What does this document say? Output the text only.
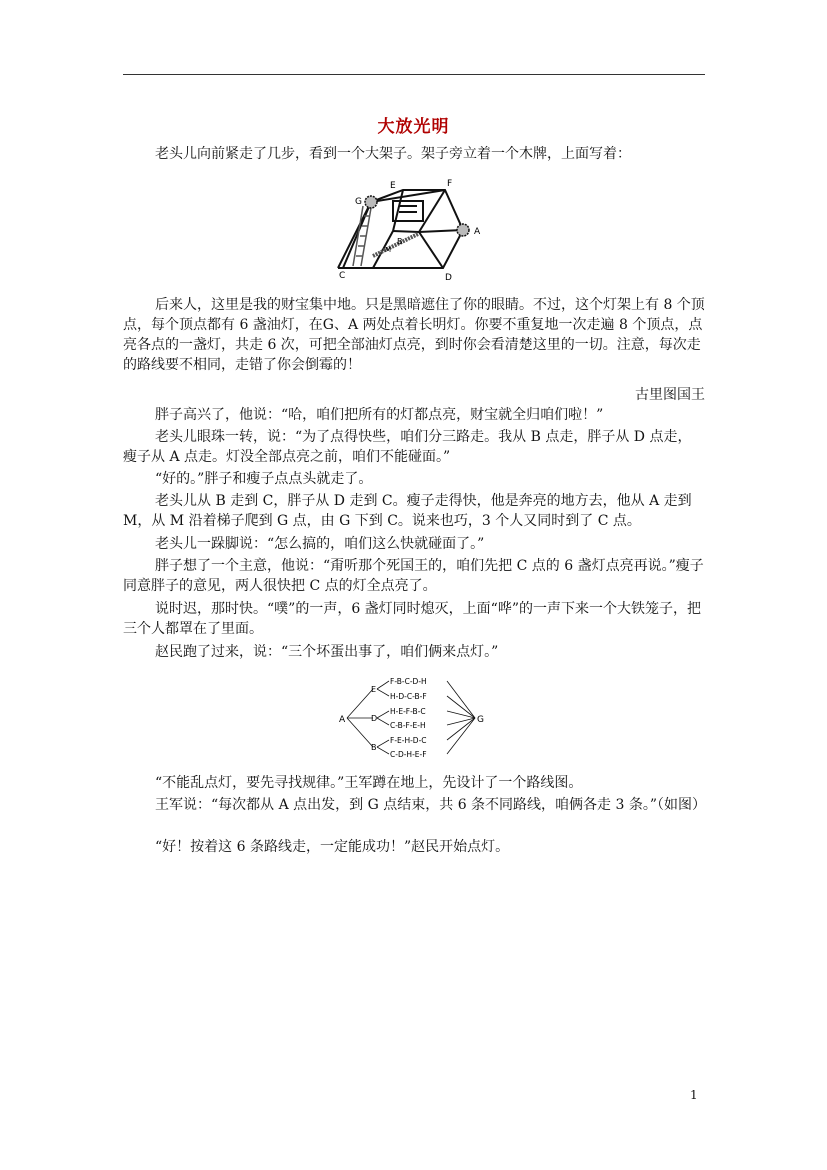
大放光明

老头儿向前紧走了几步，看到一个大架子。架子旁立着一个木牌，上面写着：

G
E	F
A
B
M
C	D

后来人，这里是我的财宝集中地。只是黑暗遮住了你的眼睛。不过，这个灯架上有 8 个顶点，每个顶点都有 6 盏油灯，在G、A 两处点着长明灯。你要不重复地一次走遍 8 个顶点，点亮各点的一盏灯，共走 6 次，可把全部油灯点亮，到时你会看清楚这里的一切。注意，每次走的路线要不相同，走错了你会倒霉的！

古里图国王

胖子高兴了，他说：“哈，咱们把所有的灯都点亮，财宝就全归咱们啦！”

老头儿眼珠一转，说：“为了点得快些，咱们分三路走。我从 B 点走，胖子从 D 点走，瘦子从 A 点走。灯没全部点亮之前，咱们不能碰面。”

“好的。”胖子和瘦子点点头就走了。

老头儿从 B 走到 C，胖子从 D 走到 C。瘦子走得快，他是奔亮的地方去，他从 A 走到 M，从 M 沿着梯子爬到 G 点，由 G 下到 C。说来也巧，3 个人又同时到了 C 点。

老头儿一跺脚说：“怎么搞的，咱们这么快就碰面了。”

胖子想了一个主意，他说：“甭听那个死国王的，咱们先把 C 点的 6 盏灯点亮再说。”瘦子同意胖子的意见，两人很快把 C 点的灯全点亮了。

说时迟，那时快。“噗”的一声，6 盏灯同时熄灭，上面“哗”的一声下来一个大铁笼子，把三个人都罩在了里面。

赵民跑了过来，说：“三个坏蛋出事了，咱们俩来点灯。”

A
E
D
B
F-B-C-D-H
H-D-C-B-F
H-E-F-B-C
C-B-F-E-H
F-E-H-D-C
C-D-H-E-F
G

“不能乱点灯，要先寻找规律。”王军蹲在地上，先设计了一个路线图。

王军说：“每次都从 A 点出发，到 G 点结束，共 6 条不同路线，咱俩各走 3 条。”（如图）

“好！按着这 6 条路线走，一定能成功！”赵民开始点灯。

1
